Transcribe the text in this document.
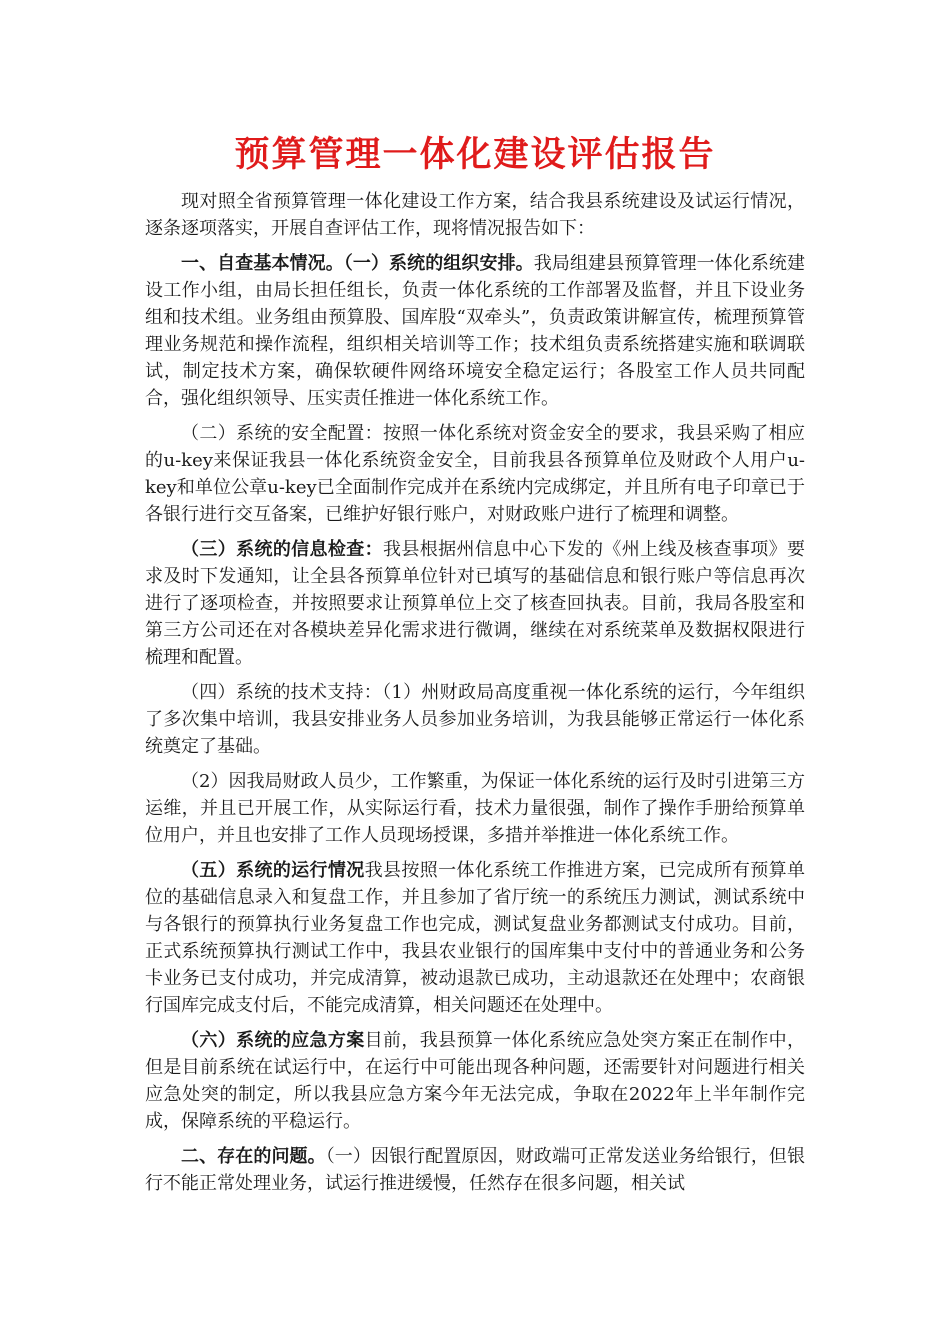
预算管理一体化建设评估报告

现对照全省预算管理一体化建设工作方案，结合我县系统建设及试运行情况，逐条逐项落实，开展自查评估工作，现将情况报告如下：

一、自查基本情况。（一）系统的组织安排。我局组建县预算管理一体化系统建设工作小组，由局长担任组长，负责一体化系统的工作部署及监督，并且下设业务组和技术组。业务组由预算股、国库股“双牵头”，负责政策讲解宣传，梳理预算管理业务规范和操作流程，组织相关培训等工作；技术组负责系统搭建实施和联调联试，制定技术方案，确保软硬件网络环境安全稳定运行；各股室工作人员共同配合，强化组织领导、压实责任推进一体化系统工作。

（二）系统的安全配置：按照一体化系统对资金安全的要求，我县采购了相应的u-key来保证我县一体化系统资金安全，目前我县各预算单位及财政个人用户u-key和单位公章u-key已全面制作完成并在系统内完成绑定，并且所有电子印章已于各银行进行交互备案，已维护好银行账户，对财政账户进行了梳理和调整。

（三）系统的信息检查：我县根据州信息中心下发的《州上线及核查事项》要求及时下发通知，让全县各预算单位针对已填写的基础信息和银行账户等信息再次进行了逐项检查，并按照要求让预算单位上交了核查回执表。目前，我局各股室和第三方公司还在对各模块差异化需求进行微调，继续在对系统菜单及数据权限进行梳理和配置。

（四）系统的技术支持：（1）州财政局高度重视一体化系统的运行，今年组织了多次集中培训，我县安排业务人员参加业务培训，为我县能够正常运行一体化系统奠定了基础。

（2）因我局财政人员少，工作繁重，为保证一体化系统的运行及时引进第三方运维，并且已开展工作，从实际运行看，技术力量很强，制作了操作手册给预算单位用户，并且也安排了工作人员现场授课，多措并举推进一体化系统工作。

（五）系统的运行情况我县按照一体化系统工作推进方案，已完成所有预算单位的基础信息录入和复盘工作，并且参加了省厅统一的系统压力测试，测试系统中与各银行的预算执行业务复盘工作也完成，测试复盘业务都测试支付成功。目前，正式系统预算执行测试工作中，我县农业银行的国库集中支付中的普通业务和公务卡业务已支付成功，并完成清算，被动退款已成功，主动退款还在处理中；农商银行国库完成支付后，不能完成清算，相关问题还在处理中。

（六）系统的应急方案目前，我县预算一体化系统应急处突方案正在制作中，但是目前系统在试运行中，在运行中可能出现各种问题，还需要针对问题进行相关应急处突的制定，所以我县应急方案今年无法完成，争取在2022年上半年制作完成，保障系统的平稳运行。

二、存在的问题。（一）因银行配置原因，财政端可正常发送业务给银行，但银行不能正常处理业务，试运行推进缓慢，任然存在很多问题，相关试
